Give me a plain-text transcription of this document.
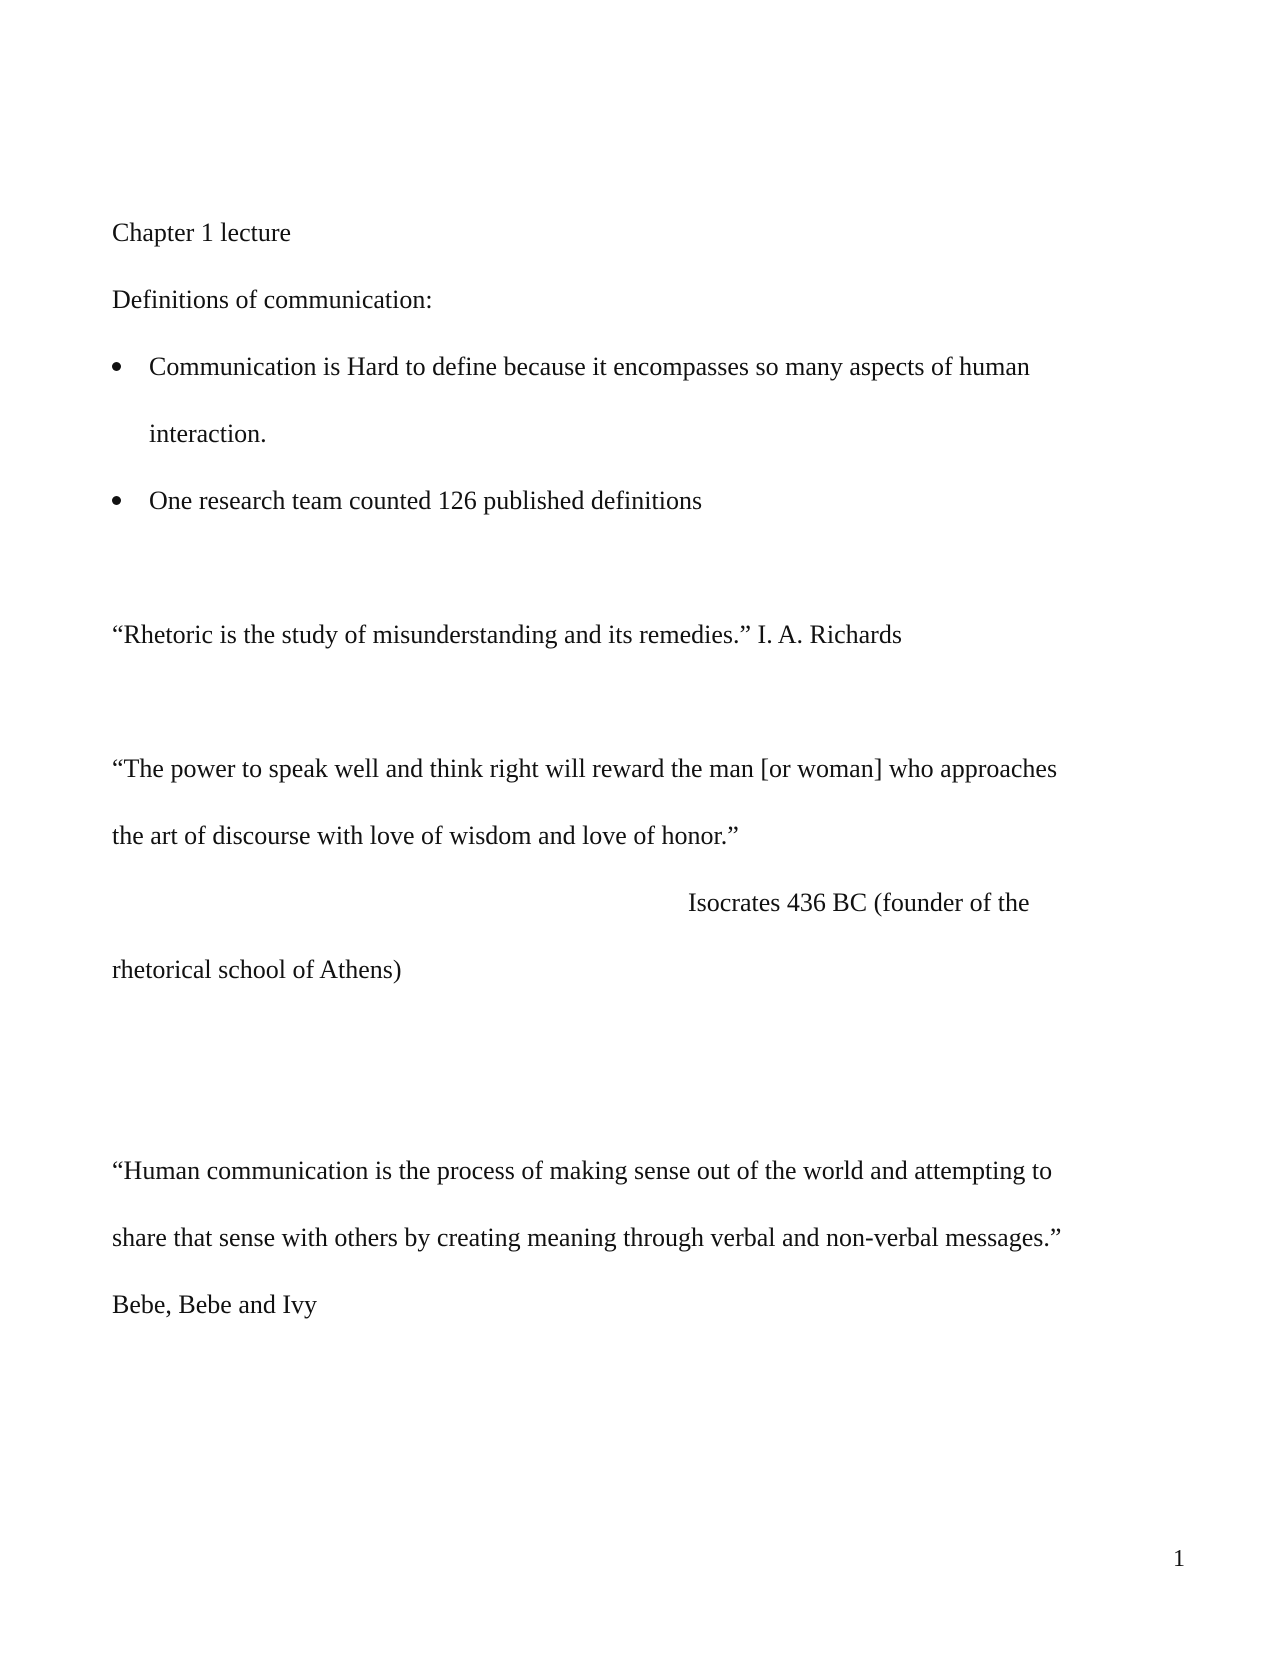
Chapter 1 lecture
Definitions of communication:
Communication is Hard to define because it encompasses so many aspects of human
interaction.
One research team counted 126 published definitions
“Rhetoric is the study of misunderstanding and its remedies.” I. A. Richards
“The power to speak well and think right will reward the man [or woman] who approaches
the art of discourse with love of wisdom and love of honor.”
Isocrates 436 BC (founder of the
rhetorical school of Athens)
“Human communication is the process of making sense out of the world and attempting to
share that sense with others by creating meaning through verbal and non-verbal messages.”
Bebe, Bebe and Ivy
1
